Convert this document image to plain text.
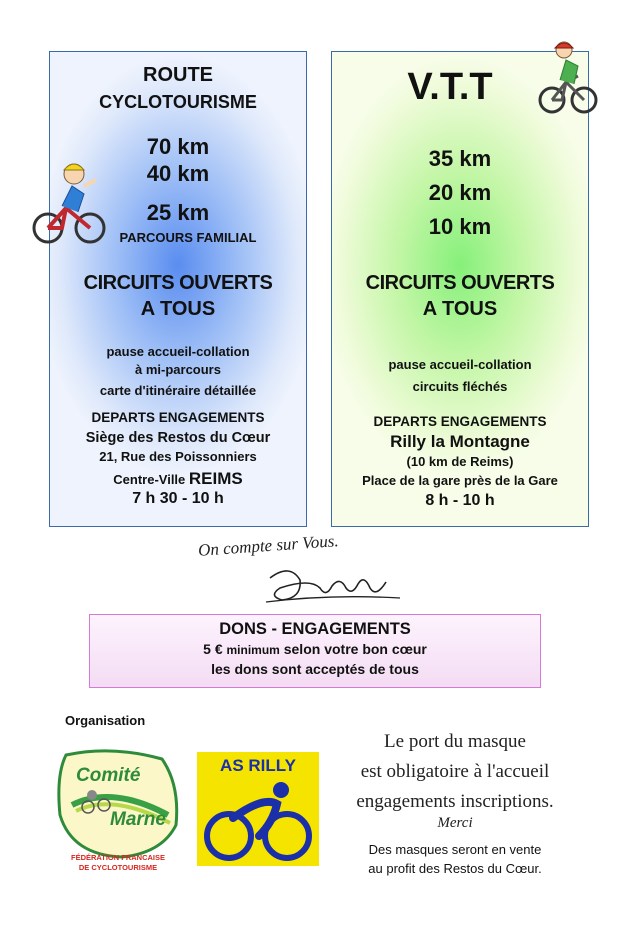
ROUTE
CYCLOTOURISME
70 km
40 km
25 km
PARCOURS FAMILIAL
CIRCUITS OUVERTS
A TOUS
pause accueil-collation
à mi-parcours
carte d'itinéraire détaillée
DEPARTS ENGAGEMENTS
Siège des Restos du Cœur
21, Rue des Poissonniers
Centre-Ville REIMS
7 h 30 - 10 h
V.T.T
35 km
20 km
10 km
CIRCUITS OUVERTS
A TOUS
pause accueil-collation
circuits fléchés
DEPARTS ENGAGEMENTS
Rilly la Montagne
(10 km de Reims)
Place de la gare près de la Gare
8 h - 10 h
On compte sur Vous.
DONS - ENGAGEMENTS
5 € minimum selon votre bon cœur
les dons sont acceptés de tous
Organisation
Comité
Marne
FÉDÉRATION FRANCAISE
DE CYCLOTOURISME
AS RILLY
Le port du masque
est obligatoire à l'accueil
engagements inscriptions.
Merci
Des masques seront en vente
au profit des Restos du Cœur.
